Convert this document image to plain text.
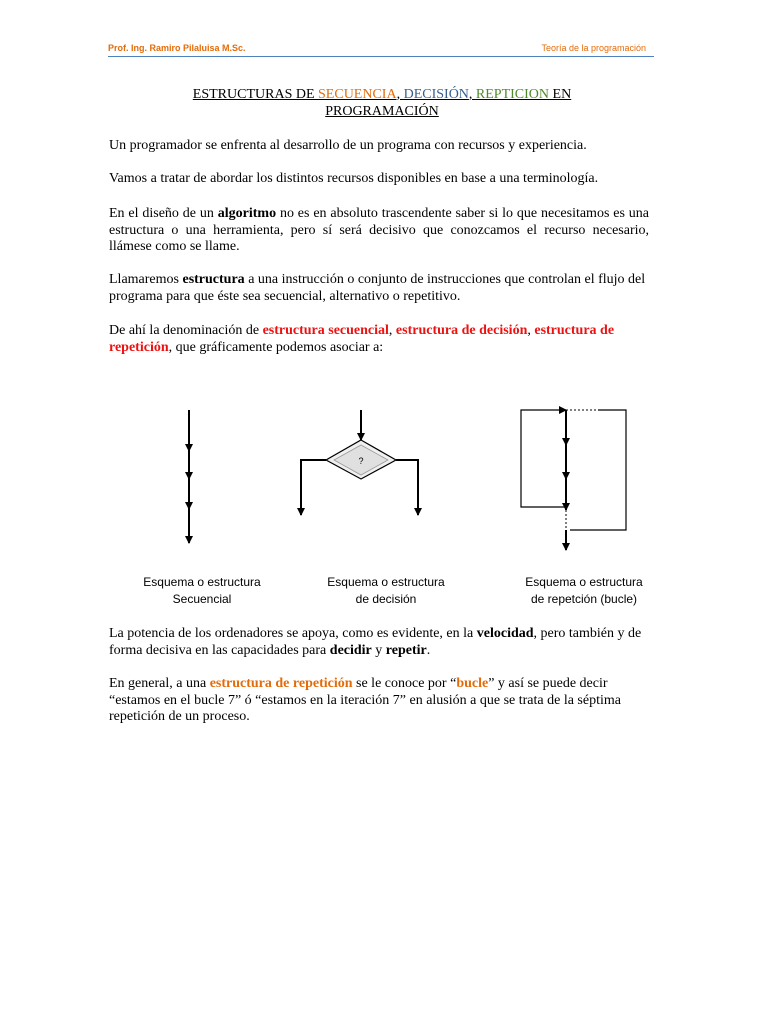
Prof. Ing. Ramiro Pilaluisa M.Sc.	Teoría de la programación
ESTRUCTURAS DE SECUENCIA, DECISIÓN, REPTICION EN
PROGRAMACIÓN

Un programador se enfrenta al desarrollo de un programa con recursos y experiencia.

Vamos a tratar de abordar los distintos recursos disponibles en base a una terminología.

En el diseño de un algoritmo no es en absoluto trascendente saber si lo que necesitamos es una estructura o una herramienta, pero sí será decisivo que conozcamos el recurso necesario, llámese como se llame.

Llamaremos estructura a una instrucción o conjunto de instrucciones que controlan el flujo del programa para que éste sea secuencial, alternativo o repetitivo.

De ahí la denominación de estructura secuencial, estructura de decisión, estructura de repetición, que gráficamente podemos asociar a:

?
Esquema o estructura
Secuencial
Esquema o estructura
de decisión
Esquema o estructura
de repetción (bucle)

La potencia de los ordenadores se apoya, como es evidente, en la velocidad, pero también y de forma decisiva en las capacidades para decidir y repetir.

En general, a una estructura de repetición se le conoce por “bucle” y así se puede decir “estamos en el bucle 7” ó “estamos en la iteración 7” en alusión a que se trata de la séptima repetición de un proceso.
